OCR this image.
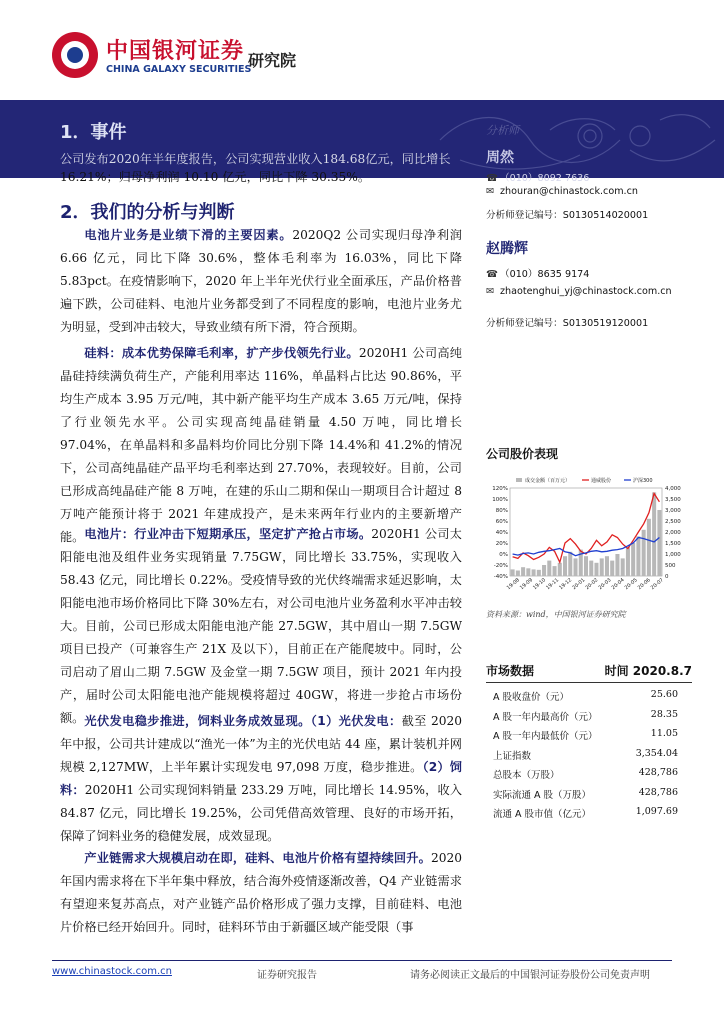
中国银河证券
CHINA GALAXY SECURITIES
研究院
分析师
1．事件
公司发布2020年半年度报告，公司实现营业收入184.68亿元，同比增长
16.21%；归母净利润 10.10 亿元，同比下降 30.35%。
2．我们的分析与判断

电池片业务是业绩下滑的主要因素。2020Q2 公司实现归母净利润 6.66 亿元，同比下降 30.6%，整体毛利率为 16.03%，同比下降 5.83pct。在疫情影响下，2020 年上半年光伏行业全面承压，产品价格普遍下跌，公司硅料、电池片业务都受到了不同程度的影响，电池片业务尤为明显，受到冲击较大，导致业绩有所下滑，符合预期。

硅料：成本优势保障毛利率，扩产步伐领先行业。2020H1 公司高纯晶硅持续满负荷生产，产能利用率达 116%，单晶料占比达 90.86%，平均生产成本 3.95 万元/吨，其中新产能平均生产成本 3.65 万元/吨，保持了行业领先水平。公司实现高纯晶硅销量 4.50 万吨，同比增长 97.04%，在单晶料和多晶料均价同比分别下降 14.4%和 41.2%的情况下，公司高纯晶硅产品平均毛利率达到 27.70%，表现较好。目前，公司已形成高纯晶硅产能 8 万吨，在建的乐山二期和保山一期项目合计超过 8 万吨产能预计将于 2021 年建成投产，是未来两年行业内的主要新增产能。 电池片：行业冲击下短期承压，坚定扩产抢占市场。2020H1 公司太阳能电池及组件业务实现销量 7.75GW，同比增长 33.75%，实现收入 58.43 亿元，同比增长 0.22%。受疫情导致的光伏终端需求延迟影响，太阳能电池市场价格同比下降 30%左右，对公司电池片业务盈利水平冲击较大。目前，公司已形成太阳能电池产能 27.5GW，其中眉山一期 7.5GW 项目已投产（可兼容生产 21X 及以下），目前正在产能爬坡中。同时，公司启动了眉山二期 7.5GW 及金堂一期 7.5GW 项目，预计 2021 年内投产，届时公司太阳能电池产能规模将超过 40GW，将进一步抢占市场份额。 光伏发电稳步推进，饲料业务成效显现。（1）光伏发电：截至 2020 年中报，公司共计建成以“渔光一体”为主的光伏电站 44 座，累计装机并网规模 2,127MW，上半年累计实现发电 97,098 万度，稳步推进。（2）饲料：2020H1 公司实现饲料销量 233.29 万吨，同比增长 14.95%，收入 84.87 亿元，同比增长 19.25%，公司凭借高效管理、良好的市场开拓，保障了饲料业务的稳健发展，成效显现。

产业链需求大规模启动在即，硅料、电池片价格有望持续回升。2020 年国内需求将在下半年集中释放，结合海外疫情逐渐改善，Q4 产业链需求有望迎来复苏高点，对产业链产品价格形成了强力支撑，目前硅料、电池片价格已经开始回升。同时，硅料环节由于新疆区域产能受限（事

周然
☎ （010）8092 7636
✉ zhouran@chinastock.com.cn
分析师登记编号：S0130514020001
赵腾辉
☎ （010）8635 9174
✉ zhaotenghui_yj@chinastock.com.cn
分析师登记编号：S0130519120001
公司股价表现
120%
100%
80%
60%
40%
20%
0%
-20%
-40%
4,000
3,500
3,000
2,500
2,000
1,500
1,000
500
0
19-08
19-09
19-10
19-11
19-12
20-01
20-02
20-03
20-04
20-05
20-06
20-07
成交金额（百万元）	通威股份	沪深300
资料来源：wind，中国银河证券研究院
市场数据	时间 2020.8.7
A 股收盘价（元）	25.60
A 股一年内最高价（元）	28.35
A 股一年内最低价（元）	11.05
上证指数	3,354.04
总股本（万股）	428,786
实际流通 A 股（万股）	428,786
流通 A 股市值（亿元）	1,097.69
www.chinastock.com.cn	证券研究报告	请务必阅读正文最后的中国银河证券股份公司免责声明
